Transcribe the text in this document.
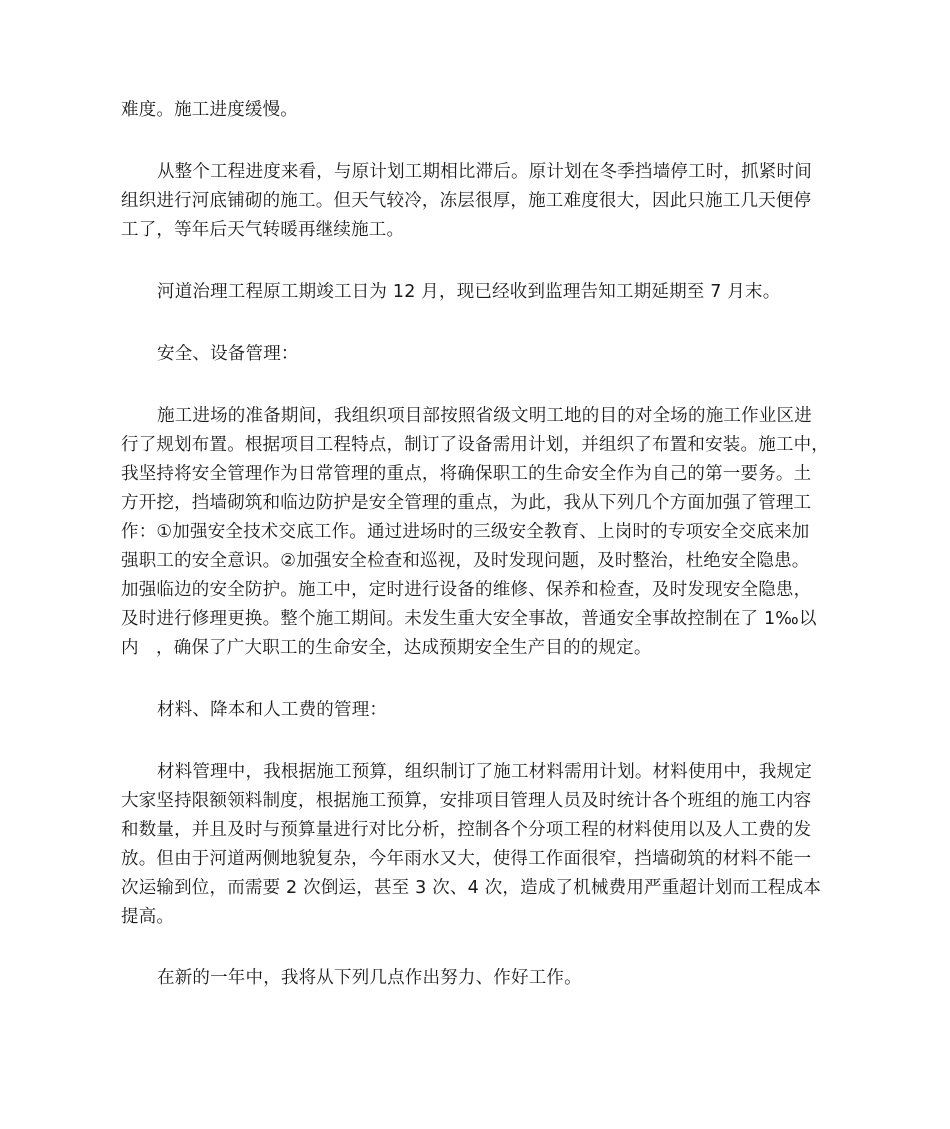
难度。施工进度缓慢。
从整个工程进度来看，与原计划工期相比滞后。原计划在冬季挡墙停工时，抓紧时间
组织进行河底铺砌的施工。但天气较冷，冻层很厚，施工难度很大，因此只施工几天便停
工了，等年后天气转暖再继续施工。
河道治理工程原工期竣工日为 12 月，现已经收到监理告知工期延期至 7 月末。
安全、设备管理：
施工进场的准备期间，我组织项目部按照省级文明工地的目的对全场的施工作业区进
行了规划布置。根据项目工程特点，制订了设备需用计划，并组织了布置和安装。施工中，
我坚持将安全管理作为日常管理的重点，将确保职工的生命安全作为自己的第一要务。土
方开挖，挡墙砌筑和临边防护是安全管理的重点，为此，我从下列几个方面加强了管理工
作：①加强安全技术交底工作。通过进场时的三级安全教育、上岗时的专项安全交底来加
强职工的安全意识。②加强安全检查和巡视，及时发现问题，及时整治，杜绝安全隐患。
加强临边的安全防护。施工中，定时进行设备的维修、保养和检查，及时发现安全隐患，
及时进行修理更换。整个施工期间。未发生重大安全事故，普通安全事故控制在了 1‰以
内   ，确保了广大职工的生命安全，达成预期安全生产目的的规定。
材料、降本和人工费的管理：
材料管理中，我根据施工预算，组织制订了施工材料需用计划。材料使用中，我规定
大家坚持限额领料制度，根据施工预算，安排项目管理人员及时统计各个班组的施工内容
和数量，并且及时与预算量进行对比分析，控制各个分项工程的材料使用以及人工费的发
放。但由于河道两侧地貌复杂，今年雨水又大，使得工作面很窄，挡墙砌筑的材料不能一
次运输到位，而需要 2 次倒运，甚至 3 次、4 次，造成了机械费用严重超计划而工程成本
提高。
在新的一年中，我将从下列几点作出努力、作好工作。
